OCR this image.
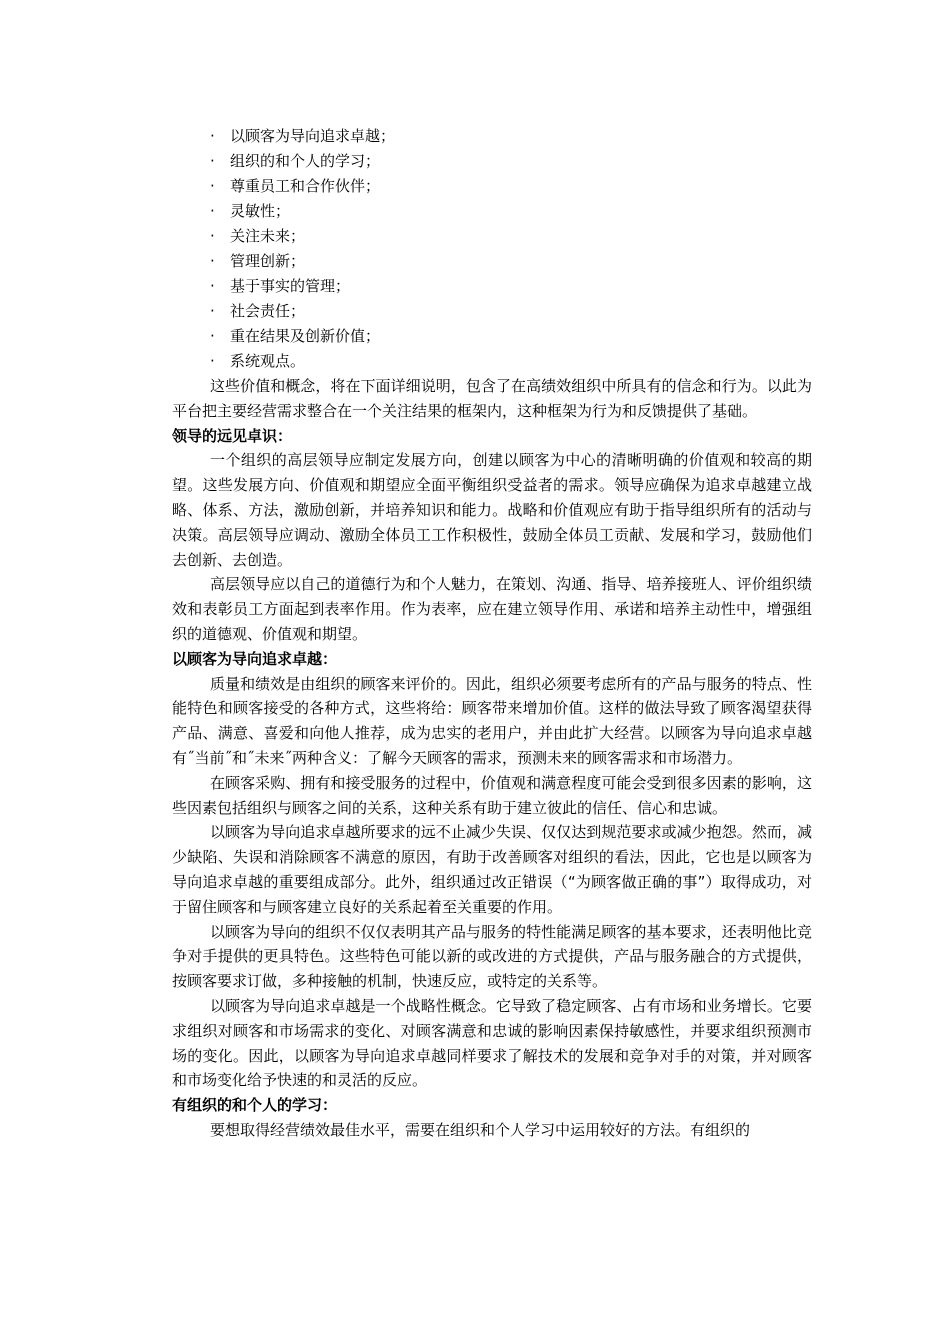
· 以顾客为导向追求卓越；
· 组织的和个人的学习；
· 尊重员工和合作伙伴；
· 灵敏性；
· 关注未来；
· 管理创新；
· 基于事实的管理；
· 社会责任；
· 重在结果及创新价值；
· 系统观点。

这些价值和概念，将在下面详细说明，包含了在高绩效组织中所具有的信念和行为。以此为平台把主要经营需求整合在一个关注结果的框架内，这种框架为行为和反馈提供了基础。

领导的远见卓识：

一个组织的高层领导应制定发展方向，创建以顾客为中心的清晰明确的价值观和较高的期望。这些发展方向、价值观和期望应全面平衡组织受益者的需求。领导应确保为追求卓越建立战略、体系、方法，激励创新，并培养知识和能力。战略和价值观应有助于指导组织所有的活动与决策。高层领导应调动、激励全体员工工作积极性，鼓励全体员工贡献、发展和学习，鼓励他们去创新、去创造。

高层领导应以自己的道德行为和个人魅力，在策划、沟通、指导、培养接班人、评价组织绩效和表彰员工方面起到表率作用。作为表率，应在建立领导作用、承诺和培养主动性中，增强组织的道德观、价值观和期望。

以顾客为导向追求卓越：

质量和绩效是由组织的顾客来评价的。因此，组织必须要考虑所有的产品与服务的特点、性能特色和顾客接受的各种方式，这些将给：顾客带来增加价值。这样的做法导致了顾客渴望获得产品、满意、喜爱和向他人推荐，成为忠实的老用户，并由此扩大经营。以顾客为导向追求卓越有˝当前˝和˝未来˝两种含义：了解今天顾客的需求，预测未来的顾客需求和市场潜力。

在顾客采购、拥有和接受服务的过程中，价值观和满意程度可能会受到很多因素的影响，这些因素包括组织与顾客之间的关系，这种关系有助于建立彼此的信任、信心和忠诚。

以顾客为导向追求卓越所要求的远不止减少失误、仅仅达到规范要求或减少抱怨。然而，减少缺陷、失误和消除顾客不满意的原因，有助于改善顾客对组织的看法，因此，它也是以顾客为导向追求卓越的重要组成部分。此外，组织通过改正错误（“为顾客做正确的事”）取得成功，对于留住顾客和与顾客建立良好的关系起着至关重要的作用。

以顾客为导向的组织不仅仅表明其产品与服务的特性能满足顾客的基本要求，还表明他比竞争对手提供的更具特色。这些特色可能以新的或改进的方式提供，产品与服务融合的方式提供，按顾客要求订做，多种接触的机制，快速反应，或特定的关系等。

以顾客为导向追求卓越是一个战略性概念。它导致了稳定顾客、占有市场和业务增长。它要求组织对顾客和市场需求的变化、对顾客满意和忠诚的影响因素保持敏感性，并要求组织预测市场的变化。因此，以顾客为导向追求卓越同样要求了解技术的发展和竞争对手的对策，并对顾客和市场变化给予快速的和灵活的反应。

有组织的和个人的学习：

要想取得经营绩效最佳水平，需要在组织和个人学习中运用较好的方法。有组织的
